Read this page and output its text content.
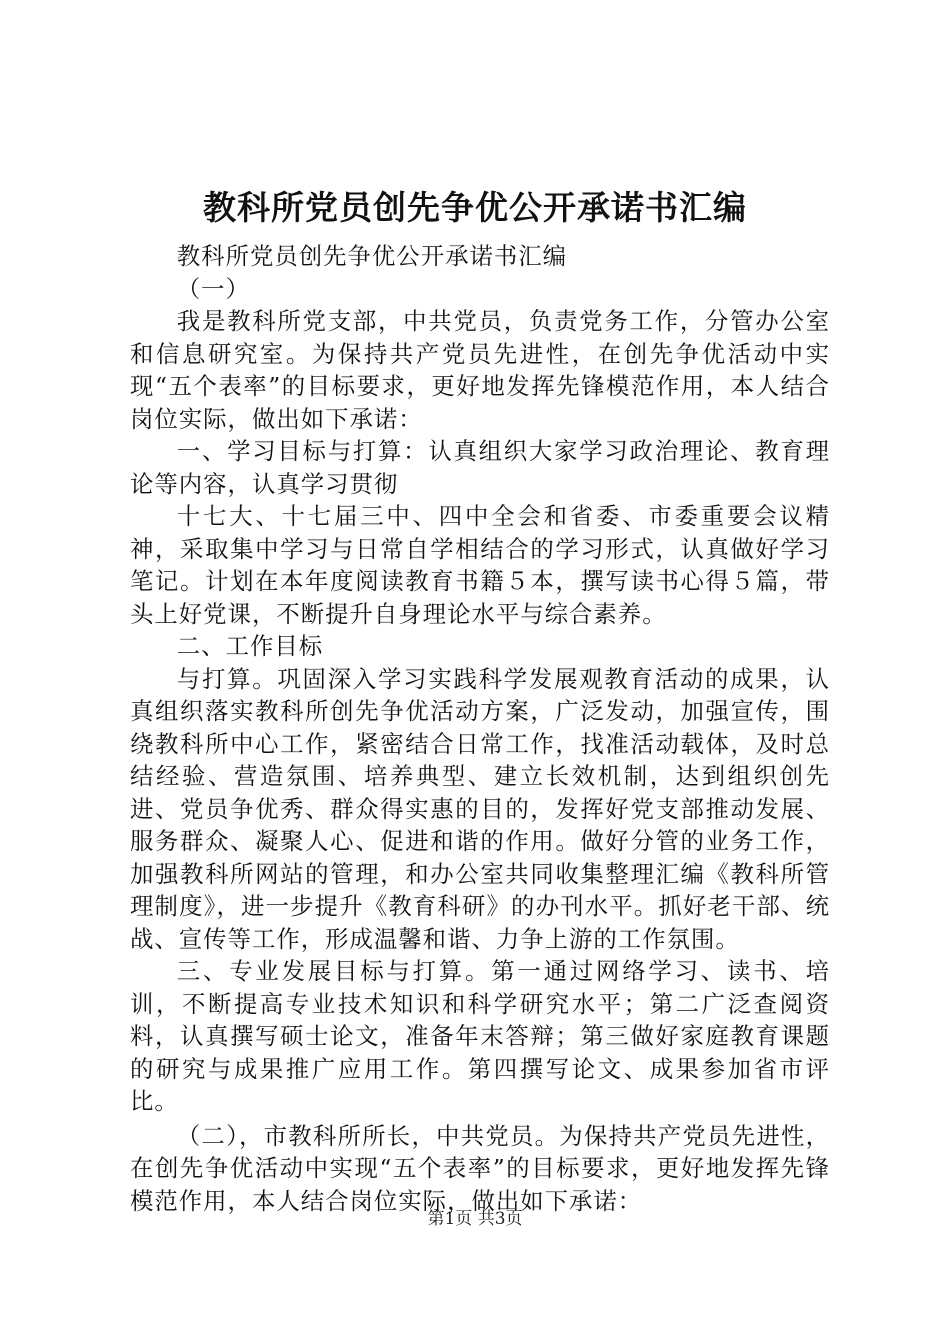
教科所党员创先争优公开承诺书汇编

教科所党员创先争优公开承诺书汇编

（一）

我是教科所党支部，中共党员，负责党务工作，分管办公室和信息研究室。为保持共产党员先进性，在创先争优活动中实现“五个表率”的目标要求，更好地发挥先锋模范作用，本人结合岗位实际，做出如下承诺：

一、学习目标与打算：认真组织大家学习政治理论、教育理论等内容，认真学习贯彻

十七大、十七届三中、四中全会和省委、市委重要会议精神，采取集中学习与日常自学相结合的学习形式，认真做好学习笔记。计划在本年度阅读教育书籍５本，撰写读书心得５篇，带头上好党课，不断提升自身理论水平与综合素养。

二、工作目标

与打算。巩固深入学习实践科学发展观教育活动的成果，认真组织落实教科所创先争优活动方案，广泛发动，加强宣传，围绕教科所中心工作，紧密结合日常工作，找准活动载体，及时总结经验、营造氛围、培养典型、建立长效机制，达到组织创先进、党员争优秀、群众得实惠的目的，发挥好党支部推动发展、服务群众、凝聚人心、促进和谐的作用。做好分管的业务工作，加强教科所网站的管理，和办公室共同收集整理汇编《教科所管理制度》，进一步提升《教育科研》的办刊水平。抓好老干部、统战、宣传等工作，形成温馨和谐、力争上游的工作氛围。

三、专业发展目标与打算。第一通过网络学习、读书、培训，不断提高专业技术知识和科学研究水平；第二广泛查阅资料，认真撰写硕士论文，准备年末答辩；第三做好家庭教育课题的研究与成果推广应用工作。第四撰写论文、成果参加省市评比。

（二），市教科所所长，中共党员。为保持共产党员先进性，在创先争优活动中实现“五个表率”的目标要求，更好地发挥先锋模范作用，本人结合岗位实际，做出如下承诺：

第1页 共3页
